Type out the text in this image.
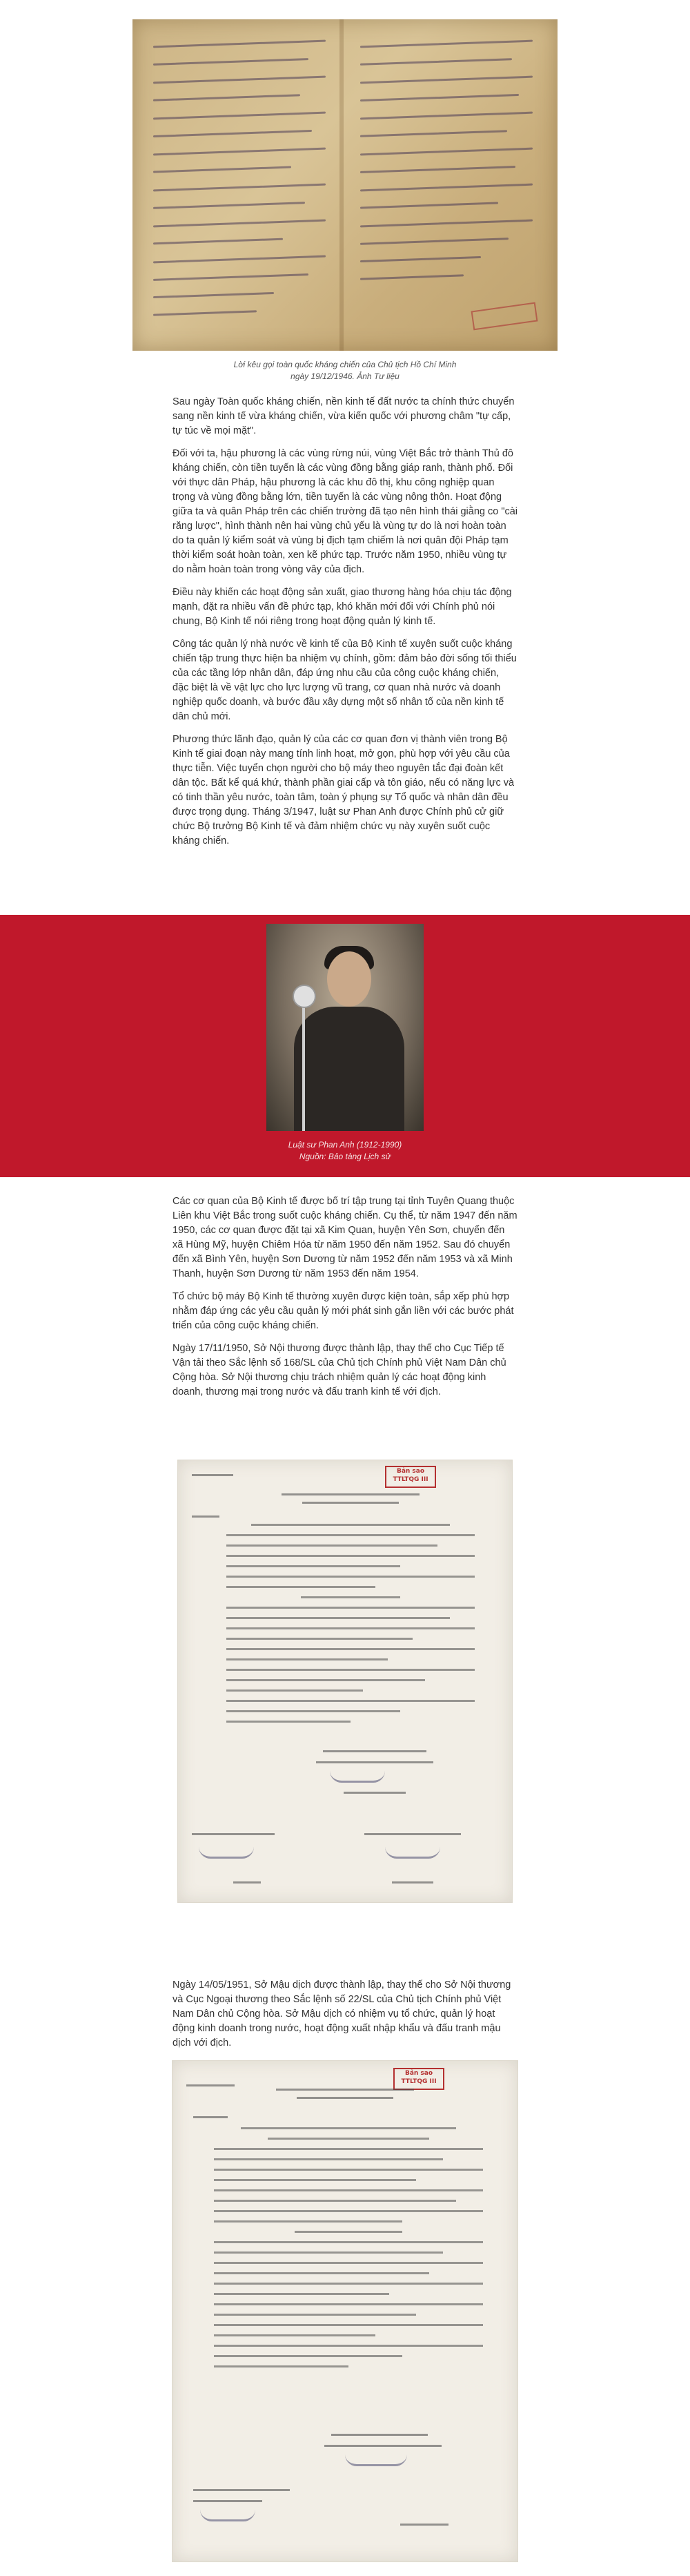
Lời kêu gọi toàn quốc kháng chiến của Chủ tịch Hồ Chí Minh
ngày 19/12/1946. Ảnh Tư liệu

Sau ngày Toàn quốc kháng chiến, nền kinh tế đất nước ta chính thức chuyển sang nền kinh tế vừa kháng chiến, vừa kiến quốc với phương châm "tự cấp, tự túc về mọi mặt".

Đối với ta, hậu phương là các vùng rừng núi, vùng Việt Bắc trở thành Thủ đô kháng chiến, còn tiền tuyến là các vùng đồng bằng giáp ranh, thành phố. Đối với thực dân Pháp, hậu phương là các khu đô thị, khu công nghiệp quan trọng và vùng đồng bằng lớn, tiền tuyến là các vùng nông thôn. Hoạt động giữa ta và quân Pháp trên các chiến trường đã tạo nên hình thái giằng co "cài răng lược", hình thành nên hai vùng chủ yếu là vùng tự do là nơi hoàn toàn do ta quản lý kiểm soát và vùng bị địch tạm chiếm là nơi quân đội Pháp tạm thời kiểm soát hoàn toàn, xen kẽ phức tạp. Trước năm 1950, nhiều vùng tự do nằm hoàn toàn trong vòng vây của địch.

Điều này khiến các hoạt động sản xuất, giao thương hàng hóa chịu tác động mạnh, đặt ra nhiều vấn đề phức tạp, khó khăn mới đối với Chính phủ nói chung, Bộ Kinh tế nói riêng trong hoạt động quản lý kinh tế.

Công tác quản lý nhà nước về kinh tế của Bộ Kinh tế xuyên suốt cuộc kháng chiến tập trung thực hiện ba nhiệm vụ chính, gồm: đảm bảo đời sống tối thiểu của các tầng lớp nhân dân, đáp ứng nhu cầu của công cuộc kháng chiến, đặc biệt là về vật lực cho lực lượng vũ trang, cơ quan nhà nước và doanh nghiệp quốc doanh, và bước đầu xây dựng một số nhân tố của nền kinh tế dân chủ mới.

Phương thức lãnh đạo, quản lý của các cơ quan đơn vị thành viên trong Bộ Kinh tế giai đoạn này mang tính linh hoạt, mở gọn, phù hợp với yêu cầu của thực tiễn. Việc tuyển chọn người cho bộ máy theo nguyên tắc đại đoàn kết dân tộc. Bất kể quá khứ, thành phần giai cấp và tôn giáo, nếu có năng lực và có tinh thần yêu nước, toàn tâm, toàn ý phụng sự Tổ quốc và nhân dân đều được trọng dụng. Tháng 3/1947, luật sư Phan Anh được Chính phủ cử giữ chức Bộ trưởng Bộ Kinh tế và đảm nhiệm chức vụ này xuyên suốt cuộc kháng chiến.

Luật sư Phan Anh (1912-1990)
Nguồn: Bảo tàng Lịch sử

Các cơ quan của Bộ Kinh tế được bố trí tập trung tại tỉnh Tuyên Quang thuộc Liên khu Việt Bắc trong suốt cuộc kháng chiến. Cụ thể, từ năm 1947 đến năm 1950, các cơ quan được đặt tại xã Kim Quan, huyện Yên Sơn, chuyển đến xã Hùng Mỹ, huyện Chiêm Hóa từ năm 1950 đến năm 1952. Sau đó chuyển đến xã Bình Yên, huyện Sơn Dương từ năm 1952 đến năm 1953 và xã Minh Thanh, huyện Sơn Dương từ năm 1953 đến năm 1954.

Tổ chức bộ máy Bộ Kinh tế thường xuyên được kiện toàn, sắp xếp phù hợp nhằm đáp ứng các yêu cầu quản lý mới phát sinh gắn liền với các bước phát triển của công cuộc kháng chiến.

Ngày 17/11/1950, Sở Nội thương được thành lập, thay thế cho Cục Tiếp tế Vận tải theo Sắc lệnh số 168/SL của Chủ tịch Chính phủ Việt Nam Dân chủ Cộng hòa. Sở Nội thương chịu trách nhiệm quản lý các hoạt động kinh doanh, thương mại trong nước và đấu tranh kinh tế với địch.

Bản sao
TTLTQG III

Ngày 14/05/1951, Sở Mậu dịch được thành lập, thay thế cho Sở Nội thương và Cục Ngoại thương theo Sắc lệnh số 22/SL của Chủ tịch Chính phủ Việt Nam Dân chủ Cộng hòa. Sở Mậu dịch có nhiệm vụ tổ chức, quản lý hoạt động kinh doanh trong nước, hoạt động xuất nhập khẩu và đấu tranh mậu dịch với địch.

Bản sao
TTLTQG III
